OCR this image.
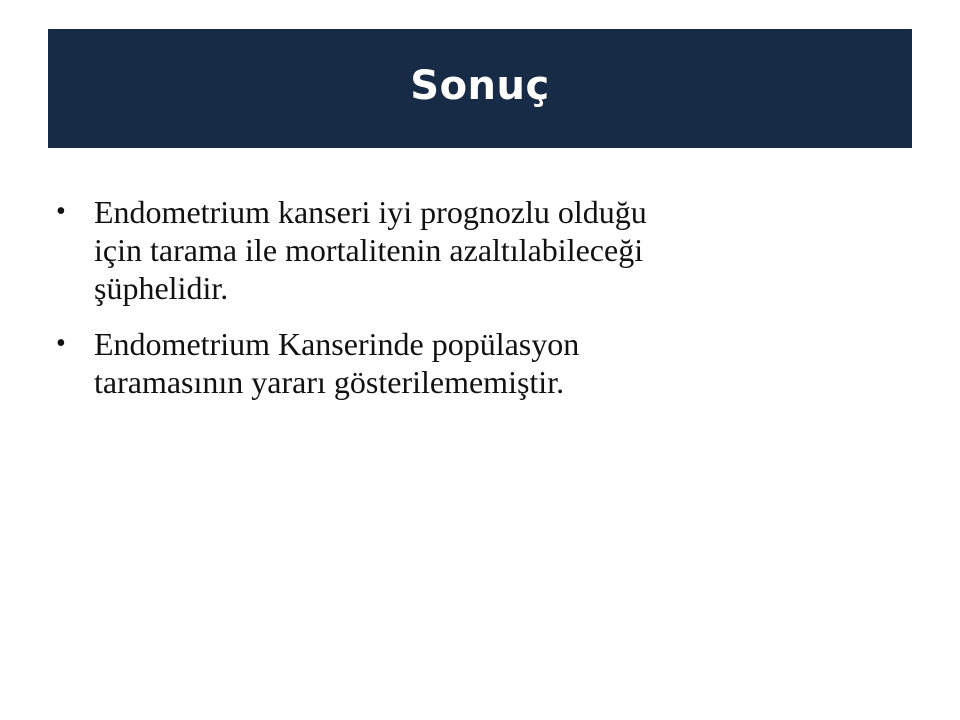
Sonuç
• Endometrium kanseri iyi prognozlu olduğu
için tarama ile mortalitenin azaltılabileceği
şüphelidir.
• Endometrium Kanserinde popülasyon
taramasının yararı gösterilememiştir.
